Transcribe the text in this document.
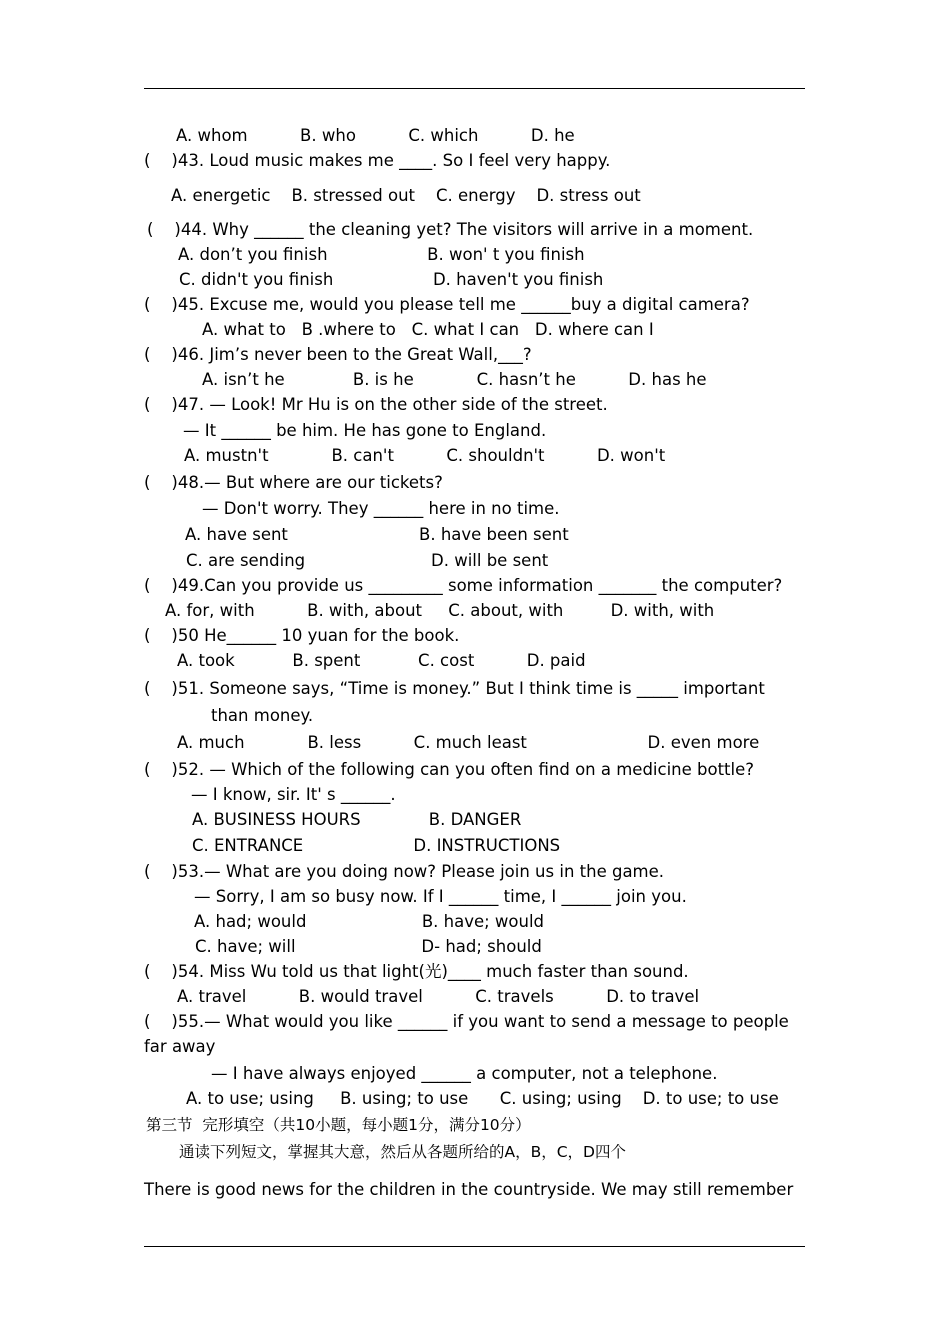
A. whom          B. who          C. which          D. he
(    )43. Loud music makes me ____. So I feel very happy.
A. energetic    B. stressed out    C. energy    D. stress out
(    )44. Why ______ the cleaning yet? The visitors will arrive in a moment.
A. don’t you finish                   B. won' t you finish
C. didn't you finish                   D. haven't you finish
(    )45. Excuse me, would you please tell me ______buy a digital camera?
A. what to   B .where to   C. what I can   D. where can I
(    )46. Jim’s never been to the Great Wall,___?
A. isn’t he             B. is he            C. hasn’t he          D. has he
(    )47. — Look! Mr Hu is on the other side of the street.
— It ______ be him. He has gone to England.
A. mustn't            B. can't          C. shouldn't          D. won't
(    )48.— But where are our tickets?
— Don't worry. They ______ here in no time.
A. have sent                         B. have been sent
C. are sending                        D. will be sent
(    )49.Can you provide us _________ some information _______ the computer?
A. for, with          B. with, about     C. about, with         D. with, with
(    )50 He______ 10 yuan for the book.
A. took           B. spent           C. cost          D. paid
(    )51. Someone says, “Time is money.” But I think time is _____ important
than money.
A. much            B. less          C. much least                       D. even more
(    )52. — Which of the following can you often find on a medicine bottle?
— I know, sir. It' s ______.
A. BUSINESS HOURS             B. DANGER
C. ENTRANCE                     D. INSTRUCTIONS
(    )53.— What are you doing now? Please join us in the game.
— Sorry, I am so busy now. If I ______ time, I ______ join you.
A. had; would                      B. have; would
C. have; will                        D- had; should
(    )54. Miss Wu told us that light(光)____ much faster than sound.
A. travel          B. would travel          C. travels          D. to travel
(    )55.— What would you like ______ if you want to send a message to people
far away
— I have always enjoyed ______ a computer, not a telephone.
A. to use; using     B. using; to use      C. using; using    D. to use; to use
第三节  完形填空（共10小题，每小题1分，满分10分）
通读下列短文，掌握其大意，然后从各题所给的A，B，C，D四个
There is good news for the children in the countryside. We may still remember
